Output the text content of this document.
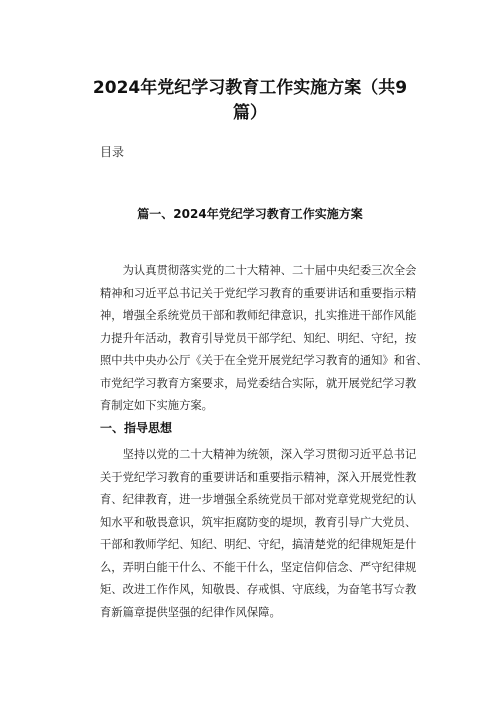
2024年党纪学习教育工作实施方案（共9
篇）
目录
篇一、2024年党纪学习教育工作实施方案
为认真贯彻落实党的二十大精神、二十届中央纪委三次全会
精神和习近平总书记关于党纪学习教育的重要讲话和重要指示精
神，增强全系统党员干部和教师纪律意识，扎实推进干部作风能
力提升年活动，教育引导党员干部学纪、知纪、明纪、守纪，按
照中共中央办公厅《关于在全党开展党纪学习教育的通知》和省、
市党纪学习教育方案要求，局党委结合实际，就开展党纪学习教
育制定如下实施方案。
一、指导思想
坚持以党的二十大精神为统领，深入学习贯彻习近平总书记
关于党纪学习教育的重要讲话和重要指示精神，深入开展党性教
育、纪律教育，进一步增强全系统党员干部对党章党规党纪的认
知水平和敬畏意识，筑牢拒腐防变的堤坝，教育引导广大党员、
干部和教师学纪、知纪、明纪、守纪，搞清楚党的纪律规矩是什
么，弄明白能干什么、不能干什么，坚定信仰信念、严守纪律规
矩、改进工作作风，知敬畏、存戒惧、守底线，为奋笔书写☆教
育新篇章提供坚强的纪律作风保障。
